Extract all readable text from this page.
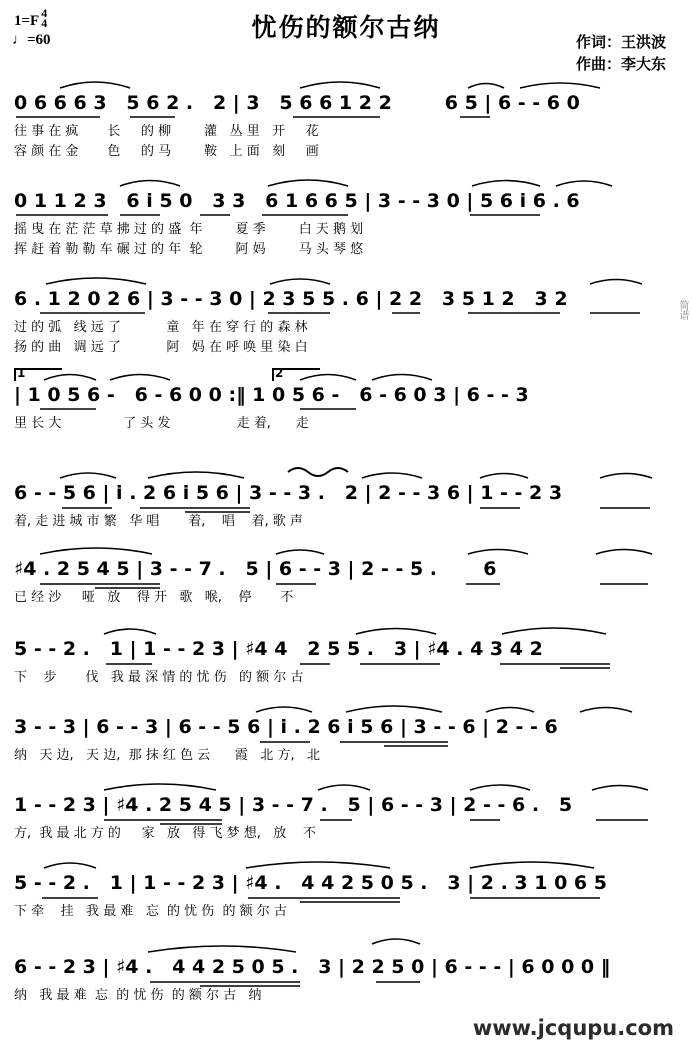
1=F 4
4
♩=60	忧伤的额尔古纳
作词：王洪波
作曲：李大东
0 6 6 6 3   5 6 2 .   2 | 3   5 6 6 1 2 2        6 5 | 6 - - 6 0
往 事 在 疯       长     的 柳        灌   丛 里   开     花
容 颜 在 金       色     的 马        鞍   上 面   刻     画
0 1 1 2 3   6 i 5 0   3 3   6 1 6 6 5 | 3 - - 3 0 | 5 6 i 6 . 6
摇 曳 在 茫 茫 草 拂 过 的 盛  年        夏 季        白 天 鹅 划
挥 赶 着 勒 勒 车 碾 过 的 年  轮        阿 妈        马 头 琴 悠
6 . 1 2 0 2 6 | 3 - - 3 0 | 2 3 5 5 . 6 | 2 2   3 5 1 2   3 2
过 的 弧   线 远 了           童   年 在 穿 行 的 森 林
扬 的 曲   调 远 了           阿   妈 在 呼 唤 里 染 白
1	2
| 1 0 5 6 -   6 - 6 0 0 :‖ 1 0 5 6 -   6 - 6 0 3 | 6 - - 3
里 长 大               了 头 发                走 着,      走
6 - - 5 6 | i . 2 6 i 5 6 | 3 - - 3 .   2 | 2 - - 3 6 | 1 - - 2 3
着, 走 进 城 市 繁   华 唱       着,    唱    着, 歌 声
♯4 . 2 5 4 5 | 3 - - 7 .   5 | 6 - - 3 | 2 - - 5 .       6
已 经 沙     哑   放    得 开   歌   喉,    停       不
5 - - 2 .   1 | 1 - - 2 3 | ♯4 4   2 5 5 .   3 | ♯4 . 4 3 4 2
下    步       伐   我 最 深 情 的 忧 伤   的 额 尔 古
3 - - 3 | 6 - - 3 | 6 - - 5 6 | i . 2 6 i 5 6 | 3 - - 6 | 2 - - 6
纳   天 边,   天 边,  那 抹 红 色 云      霞   北 方,   北
1 - - 2 3 | ♯4 . 2 5 4 5 | 3 - - 7 .   5 | 6 - - 3 | 2 - - 6 .   5
方,  我 最 北 方 的     家   放   得 飞 梦 想,   放    不
5 - - 2 .   1 | 1 - - 2 3 | ♯4 .   4 4 2 5 0 5 .   3 | 2 . 3 1 0 6 5
下 牵    挂   我 最 难   忘  的 忧 伤  的 额 尔 古
6 - - 2 3 | ♯4 .   4 4 2 5 0 5 .   3 | 2 2 5 0 | 6 - - - | 6 0 0 0 ‖
纳   我 最 难  忘  的 忧 伤  的 额 尔 古   纳
简谱
www.jcqupu.com
